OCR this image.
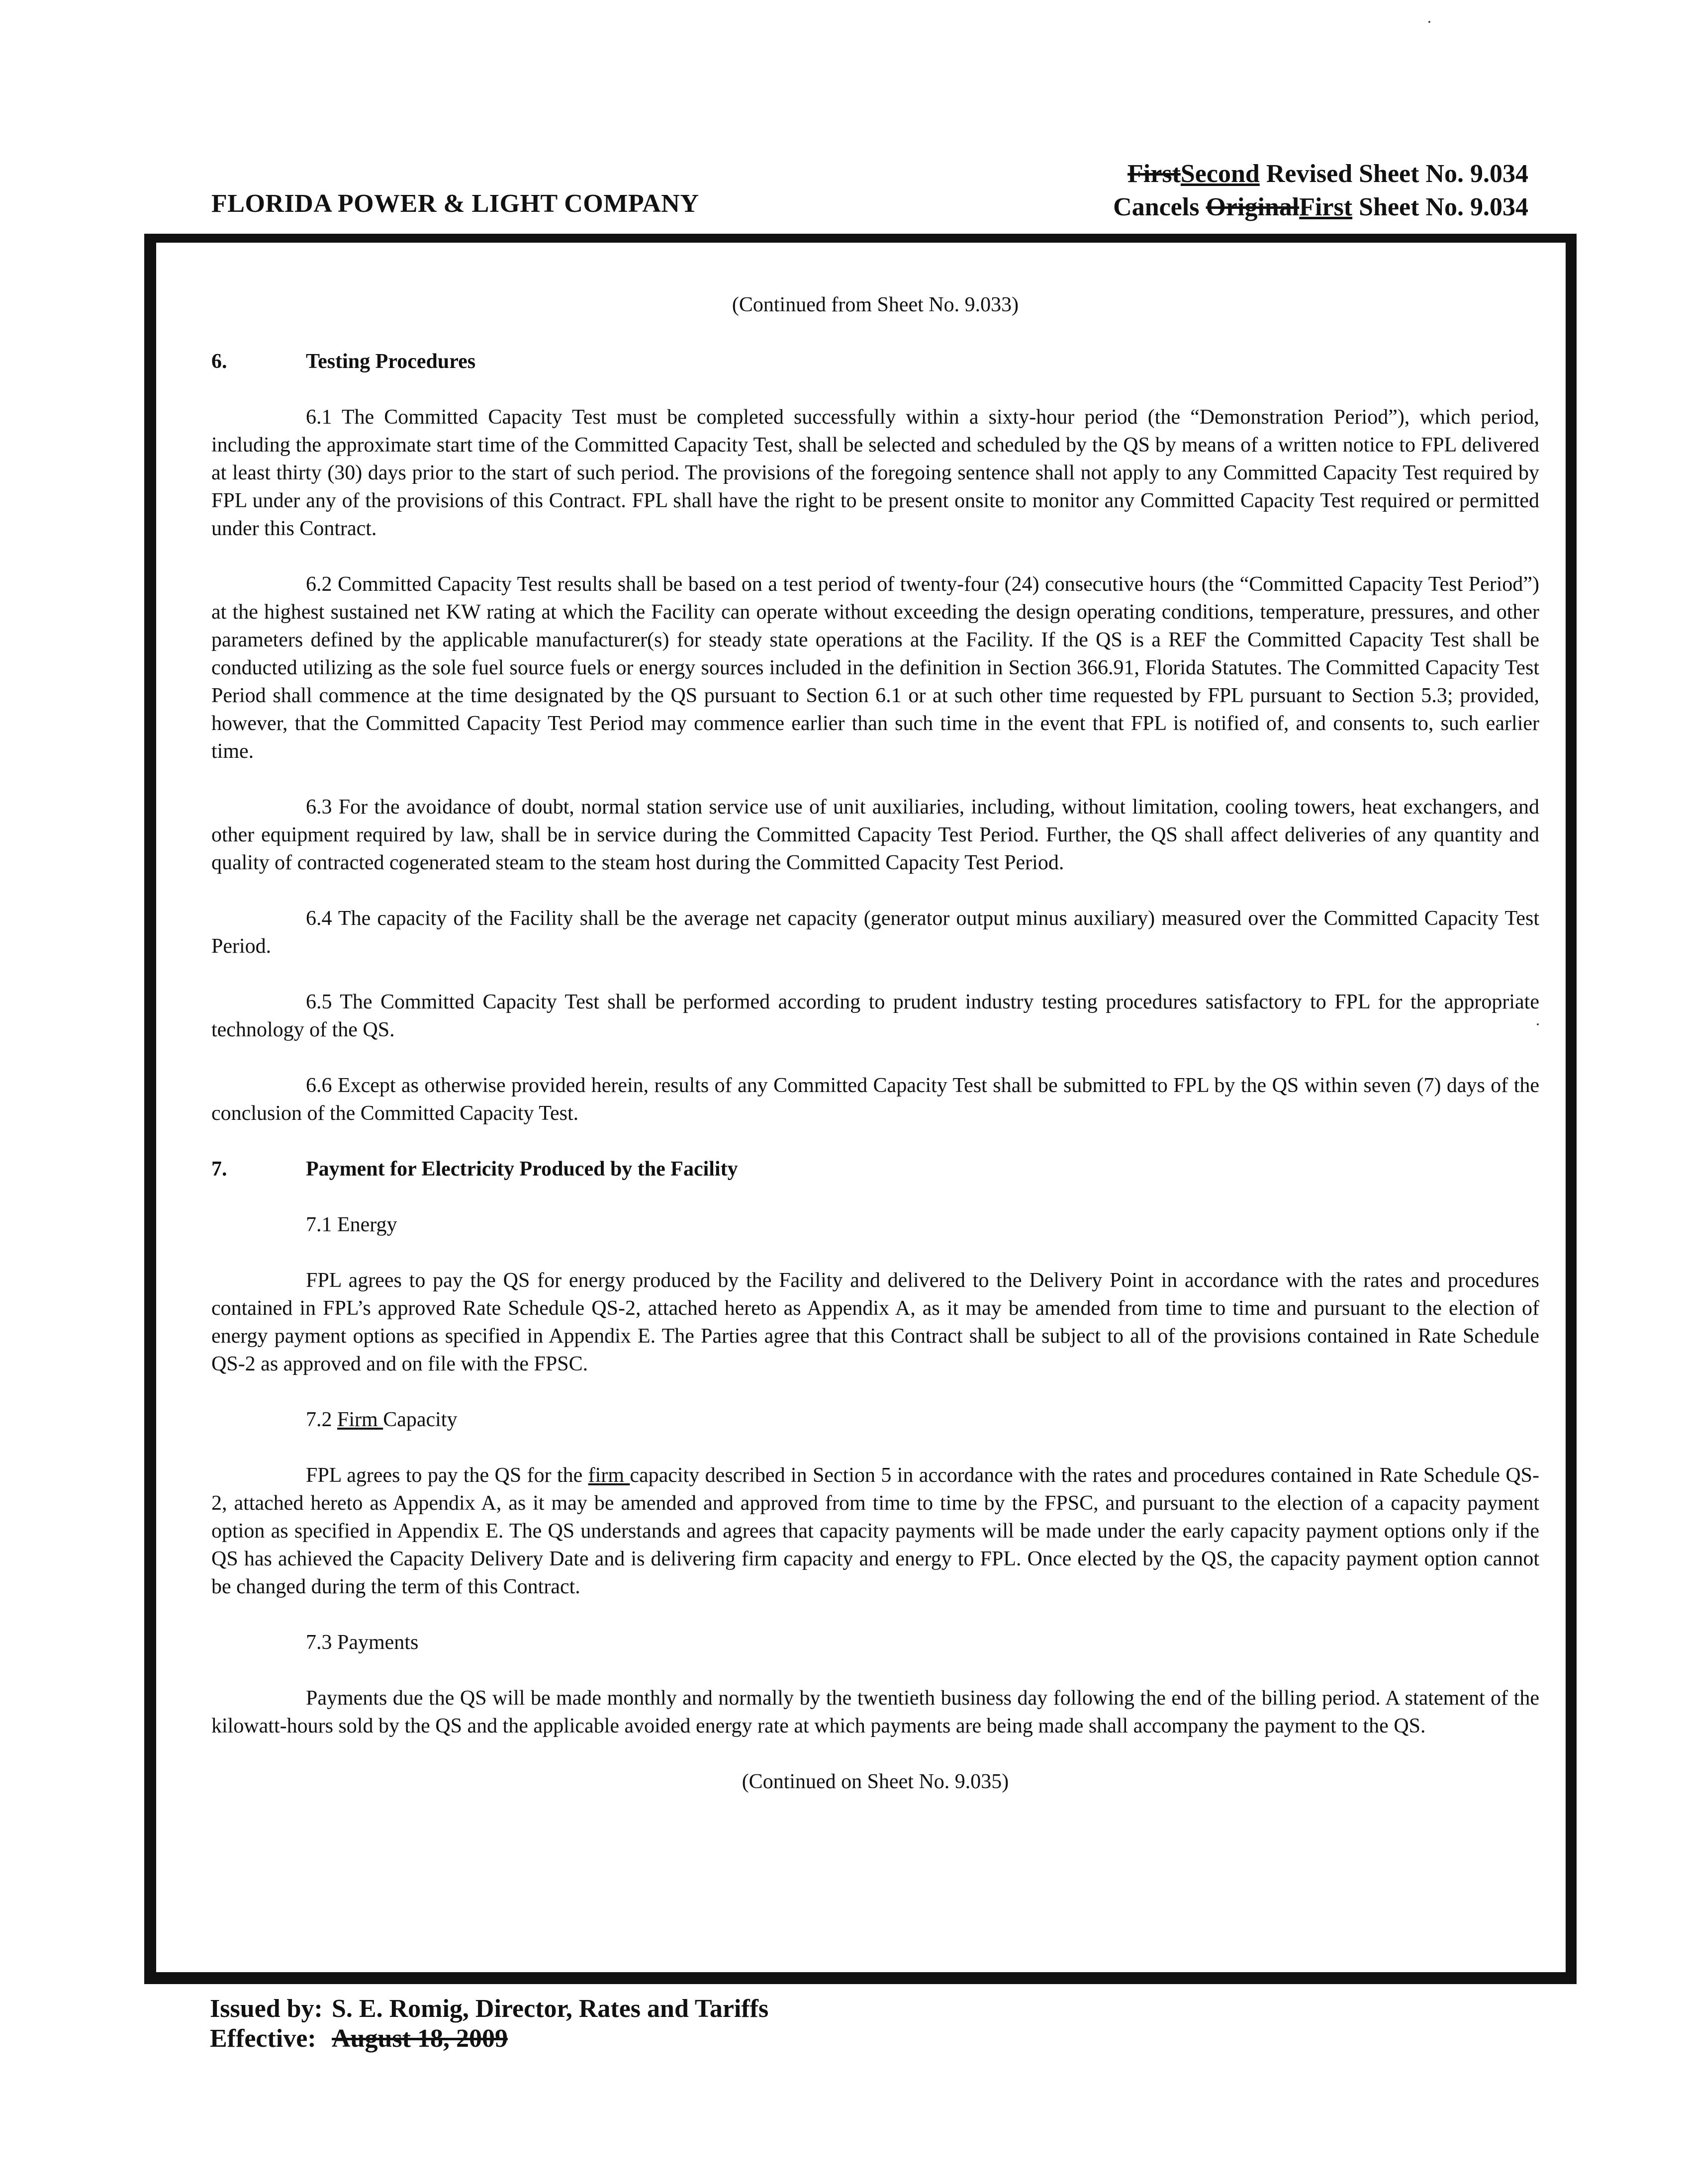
FLORIDA POWER & LIGHT COMPANY
FirstSecond Revised Sheet No. 9.034
Cancels OriginalFirst Sheet No. 9.034
(Continued from Sheet No. 9.033)
6.	Testing Procedures

6.1 The Committed Capacity Test must be completed successfully within a sixty-hour period (the “Demonstration Period”), which period, including the approximate start time of the Committed Capacity Test, shall be selected and scheduled by the QS by means of a written notice to FPL delivered at least thirty (30) days prior to the start of such period. The provisions of the foregoing sentence shall not apply to any Committed Capacity Test required by FPL under any of the provisions of this Contract. FPL shall have the right to be present onsite to monitor any Committed Capacity Test required or permitted under this Contract.

6.2 Committed Capacity Test results shall be based on a test period of twenty-four (24) consecutive hours (the “Committed Capacity Test Period”) at the highest sustained net KW rating at which the Facility can operate without exceeding the design operating conditions, temperature, pressures, and other parameters defined by the applicable manufacturer(s) for steady state operations at the Facility. If the QS is a REF the Committed Capacity Test shall be conducted utilizing as the sole fuel source fuels or energy sources included in the definition in Section 366.91, Florida Statutes. The Committed Capacity Test Period shall commence at the time designated by the QS pursuant to Section 6.1 or at such other time requested by FPL pursuant to Section 5.3; provided, however, that the Committed Capacity Test Period may commence earlier than such time in the event that FPL is notified of, and consents to, such earlier time.

6.3 For the avoidance of doubt, normal station service use of unit auxiliaries, including, without limitation, cooling towers, heat exchangers, and other equipment required by law, shall be in service during the Committed Capacity Test Period. Further, the QS shall affect deliveries of any quantity and quality of contracted cogenerated steam to the steam host during the Committed Capacity Test Period.

6.4 The capacity of the Facility shall be the average net capacity (generator output minus auxiliary) measured over the Committed Capacity Test Period.

6.5 The Committed Capacity Test shall be performed according to prudent industry testing procedures satisfactory to FPL for the appropriate technology of the QS.

6.6 Except as otherwise provided herein, results of any Committed Capacity Test shall be submitted to FPL by the QS within seven (7) days of the conclusion of the Committed Capacity Test.

7.	Payment for Electricity Produced by the Facility
7.1 Energy

FPL agrees to pay the QS for energy produced by the Facility and delivered to the Delivery Point in accordance with the rates and procedures contained in FPL’s approved Rate Schedule QS-2, attached hereto as Appendix A, as it may be amended from time to time and pursuant to the election of energy payment options as specified in Appendix E. The Parties agree that this Contract shall be subject to all of the provisions contained in Rate Schedule QS-2 as approved and on file with the FPSC.

7.2 Firm Capacity

FPL agrees to pay the QS for the firm capacity described in Section 5 in accordance with the rates and procedures contained in Rate Schedule QS-2, attached hereto as Appendix A, as it may be amended and approved from time to time by the FPSC, and pursuant to the election of a capacity payment option as specified in Appendix E. The QS understands and agrees that capacity payments will be made under the early capacity payment options only if the QS has achieved the Capacity Delivery Date and is delivering firm capacity and energy to FPL. Once elected by the QS, the capacity payment option cannot be changed during the term of this Contract.

7.3 Payments

Payments due the QS will be made monthly and normally by the twentieth business day following the end of the billing period. A statement of the kilowatt-hours sold by the QS and the applicable avoided energy rate at which payments are being made shall accompany the payment to the QS.

(Continued on Sheet No. 9.035)
Issued by: S. E. Romig, Director, Rates and Tariffs
Effective: August 18, 2009
